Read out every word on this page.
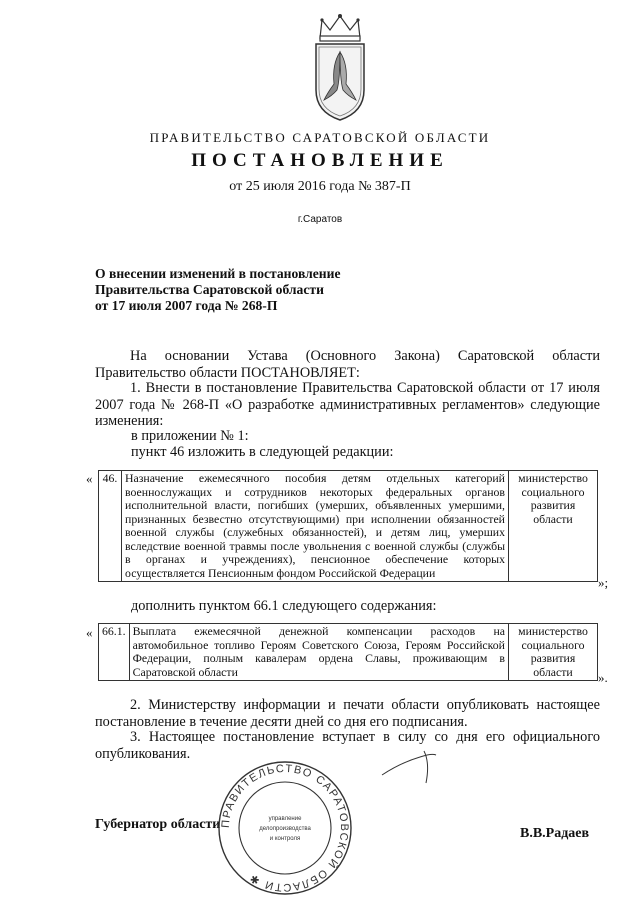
ПРАВИТЕЛЬСТВО САРАТОВСКОЙ ОБЛАСТИ
ПОСТАНОВЛЕНИЕ
от 25 июля 2016 года № 387-П
г.Саратов
О внесении изменений в постановление
Правительства Саратовской области
от 17 июля 2007 года № 268-П
На основании Устава (Основного Закона) Саратовской области Правительство области ПОСТАНОВЛЯЕТ:
1. Внести в постановление Правительства Саратовской области от 17 июля 2007 года № 268-П «О разработке административных регламентов» следующие изменения:
в приложении № 1:
пункт 46 изложить в следующей редакции:
« 46.	Назначение ежемесячного пособия детям отдельных категорий военнослужащих и сотрудников некоторых федеральных органов исполнительной власти, погибших (умерших, объявленных умершими, признанных безвестно отсутствующими) при исполнении обязанностей военной службы (служебных обязанностей), и детям лиц, умерших вследствие военной травмы после увольнения с военной службы (службы в органах и учреждениях), пенсионное обеспечение которых осуществляется Пенсионным фондом Российской Федерации	министерство социального развития области
»;
дополнить пунктом 66.1 следующего содержания:
« 66.1.	Выплата ежемесячной денежной компенсации расходов на автомобильное топливо Героям Советского Союза, Героям Российской Федерации, полным кавалерам ордена Славы, проживающим в Саратовской области	министерство социального развития области ».
2. Министерству информации и печати области опубликовать настоящее постановление в течение десяти дней со дня его подписания.
3. Настоящее постановление вступает в силу со дня его официального опубликования.
Губернатор области ПРАВИТЕЛЬСТВО САРАТОВСКОЙ ОБЛАСТИ ✱
управление
делопроизводства
и контроля	В.В.Радаев
